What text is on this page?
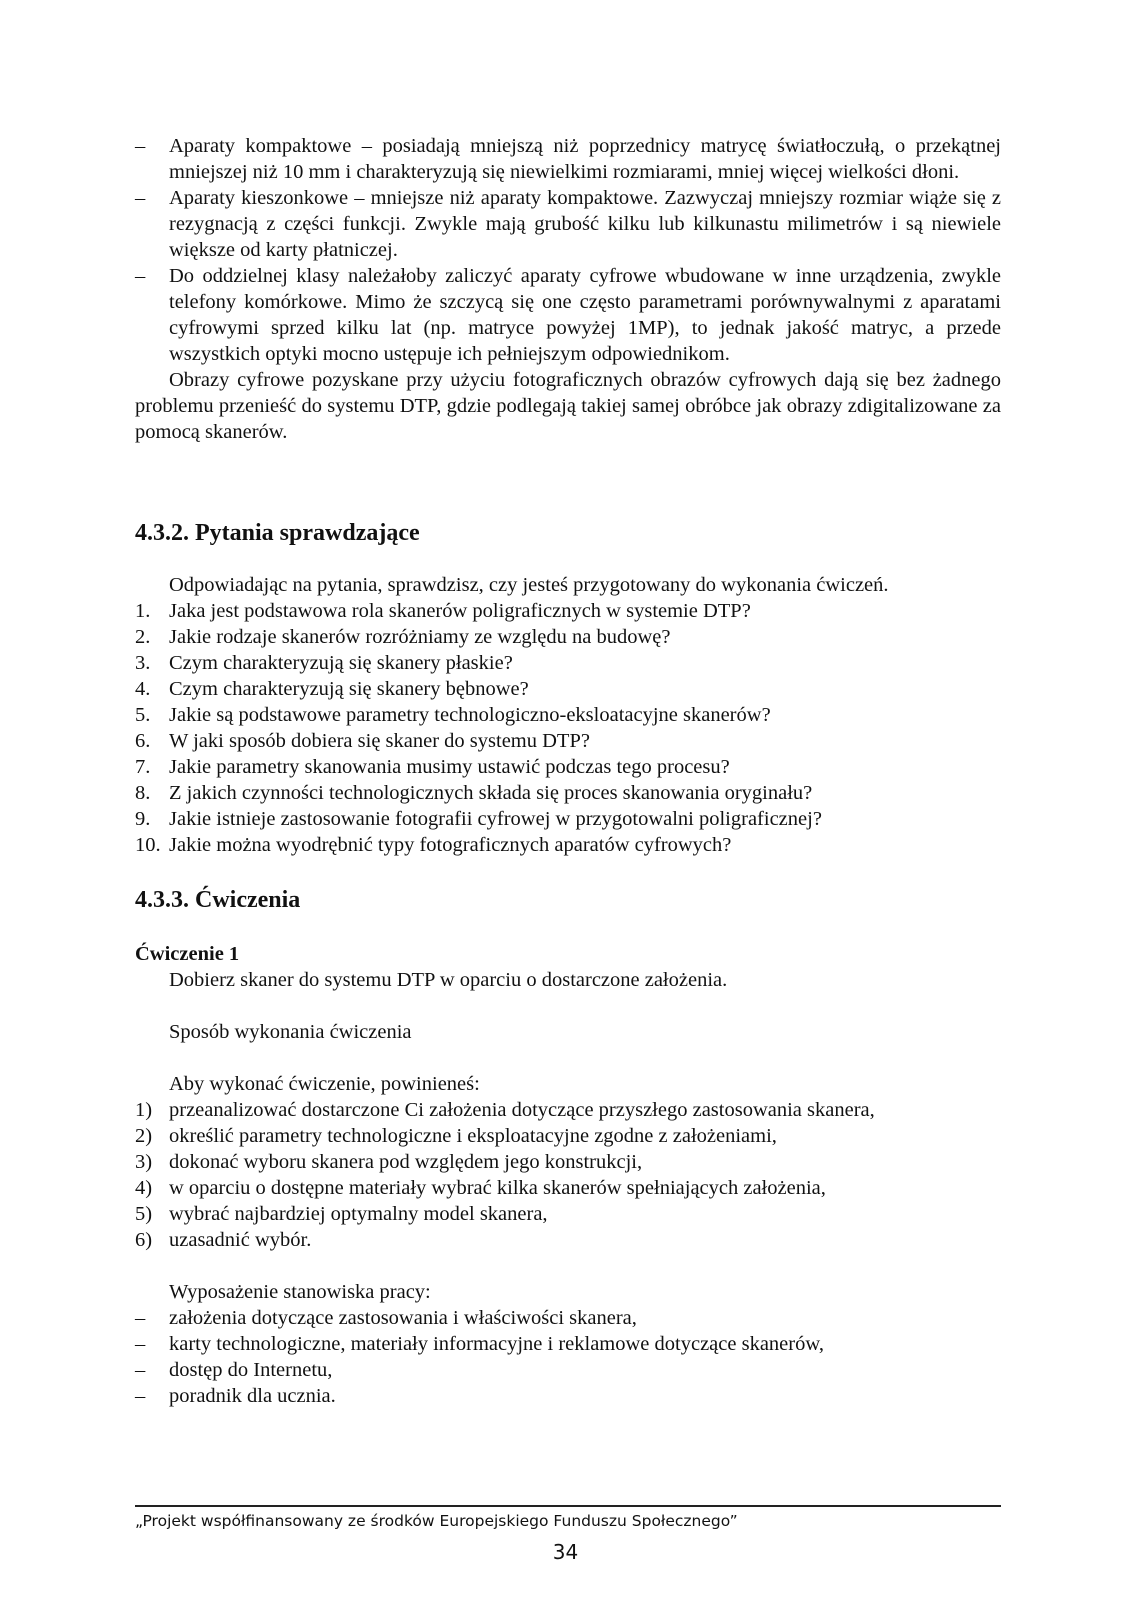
– Aparaty kompaktowe – posiadają mniejszą niż poprzednicy matrycę światłoczułą, o przekątnej mniejszej niż 10 mm i charakteryzują się niewielkimi rozmiarami, mniej więcej wielkości dłoni.
– Aparaty kieszonkowe – mniejsze niż aparaty kompaktowe. Zazwyczaj mniejszy rozmiar wiąże się z rezygnacją z części funkcji. Zwykle mają grubość kilku lub kilkunastu milimetrów i są niewiele większe od karty płatniczej.
– Do oddzielnej klasy należałoby zaliczyć aparaty cyfrowe wbudowane w inne urządzenia, zwykle telefony komórkowe. Mimo że szczycą się one często parametrami porównywalnymi z aparatami cyfrowymi sprzed kilku lat (np. matryce powyżej 1MP), to jednak jakość matryc, a przede wszystkich optyki mocno ustępuje ich pełniejszym odpowiednikom.
Obrazy cyfrowe pozyskane przy użyciu fotograficznych obrazów cyfrowych dają się bez żadnego problemu przenieść do systemu DTP, gdzie podlegają takiej samej obróbce jak obrazy zdigitalizowane za pomocą skanerów.
4.3.2. Pytania sprawdzające
Odpowiadając na pytania, sprawdzisz, czy jesteś przygotowany do wykonania ćwiczeń.
1. Jaka jest podstawowa rola skanerów poligraficznych w systemie DTP?
2. Jakie rodzaje skanerów rozróżniamy ze względu na budowę?
3. Czym charakteryzują się skanery płaskie?
4. Czym charakteryzują się skanery bębnowe?
5. Jakie są podstawowe parametry technologiczno-eksloatacyjne skanerów?
6. W jaki sposób dobiera się skaner do systemu DTP?
7. Jakie parametry skanowania musimy ustawić podczas tego procesu?
8. Z jakich czynności technologicznych składa się proces skanowania oryginału?
9. Jakie istnieje zastosowanie fotografii cyfrowej w przygotowalni poligraficznej?
10. Jakie można wyodrębnić typy fotograficznych aparatów cyfrowych?
4.3.3. Ćwiczenia
Ćwiczenie 1
Dobierz skaner do systemu DTP w oparciu o dostarczone założenia.
Sposób wykonania ćwiczenia
Aby wykonać ćwiczenie, powinieneś:
1) przeanalizować dostarczone Ci założenia dotyczące przyszłego zastosowania skanera,
2) określić parametry technologiczne i eksploatacyjne zgodne z założeniami,
3) dokonać wyboru skanera pod względem jego konstrukcji,
4) w oparciu o dostępne materiały wybrać kilka skanerów spełniających założenia,
5) wybrać najbardziej optymalny model skanera,
6) uzasadnić wybór.
Wyposażenie stanowiska pracy:
– założenia dotyczące zastosowania i właściwości skanera,
– karty technologiczne, materiały informacyjne i reklamowe dotyczące skanerów,
– dostęp do Internetu,
– poradnik dla ucznia.
„Projekt współfinansowany ze środków Europejskiego Funduszu Społecznego”
34
